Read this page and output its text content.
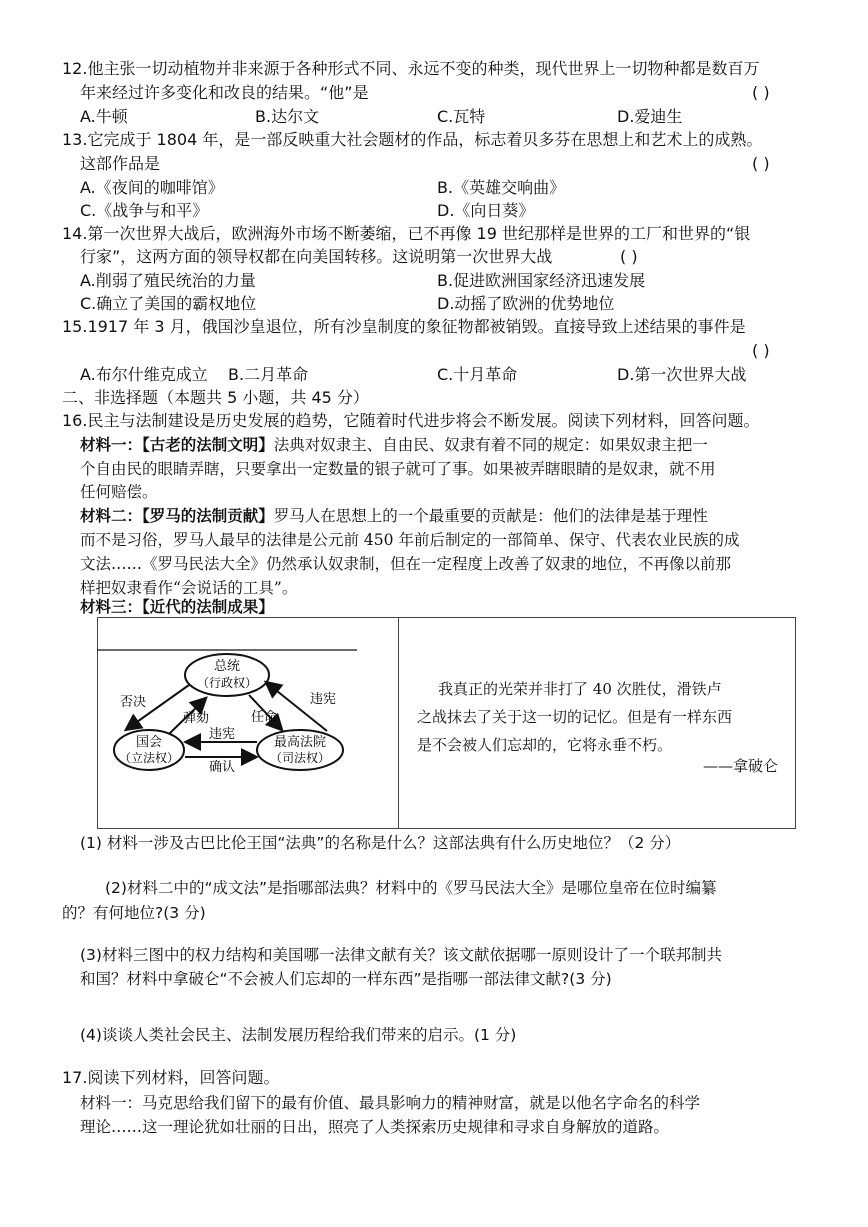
12.他主张一切动植物并非来源于各种形式不同、永远不变的种类，现代世界上一切物种都是数百万
年来经过许多变化和改良的结果。“他”是	( )
A.牛顿	B.达尔文	C.瓦特	D.爱迪生
13.它完成于 1804 年，是一部反映重大社会题材的作品，标志着贝多芬在思想上和艺术上的成熟。
这部作品是	( )
A.《夜间的咖啡馆》	B.《英雄交响曲》
C.《战争与和平》	D.《向日葵》
14.第一次世界大战后，欧洲海外市场不断萎缩，已不再像 19 世纪那样是世界的工厂和世界的“银
行家”，这两方面的领导权都在向美国转移。这说明第一次世界大战	( )
A.削弱了殖民统治的力量	B.促进欧洲国家经济迅速发展
C.确立了美国的霸权地位	D.动摇了欧洲的优势地位
15.1917 年 3 月，俄国沙皇退位，所有沙皇制度的象征物都被销毁。直接导致上述结果的事件是
( )
A.布尔什维克成立 B.二月革命	C.十月革命	D.第一次世界大战
二、非选择题（本题共 5 小题，共 45 分）
16.民主与法制建设是历史发展的趋势，它随着时代进步将会不断发展。阅读下列材料，回答问题。
材料一：【古老的法制文明】法典对奴隶主、自由民、奴隶有着不同的规定：如果奴隶主把一
个自由民的眼睛弄瞎，只要拿出一定数量的银子就可了事。如果被弄瞎眼睛的是奴隶，就不用
任何赔偿。
材料二：【罗马的法制贡献】罗马人在思想上的一个最重要的贡献是：他们的法律是基于理性
而不是习俗，罗马人最早的法律是公元前 450 年前后制定的一部简单、保守、代表农业民族的成
文法……《罗马民法大全》仍然承认奴隶制，但在一定程度上改善了奴隶的地位，不再像以前那
样把奴隶看作“会说话的工具”。
材料三：【近代的法制成果】
总统
（行政权）
国会
（立法权）
最高法院
（司法权）
否决
弹劾	任命
违宪
违宪
确认
我真正的光荣并非打了 40 次胜仗，滑铁卢
之战抹去了关于这一切的记忆。但是有一样东西
是不会被人们忘却的，它将永垂不朽。
——拿破仑
(1) 材料一涉及古巴比伦王国“法典”的名称是什么？这部法典有什么历史地位？（2 分）
(2)材料二中的“成文法”是指哪部法典？材料中的《罗马民法大全》是哪位皇帝在位时编纂
的？有何地位?(3 分)
(3)材料三图中的权力结构和美国哪一法律文献有关？该文献依据哪一原则设计了一个联邦制共
和国？材料中拿破仑“不会被人们忘却的一样东西”是指哪一部法律文献?(3 分)
(4)谈谈人类社会民主、法制发展历程给我们带来的启示。(1 分)
17.阅读下列材料，回答问题。
材料一：马克思给我们留下的最有价值、最具影响力的精神财富，就是以他名字命名的科学
理论……这一理论犹如壮丽的日出，照亮了人类探索历史规律和寻求自身解放的道路。
